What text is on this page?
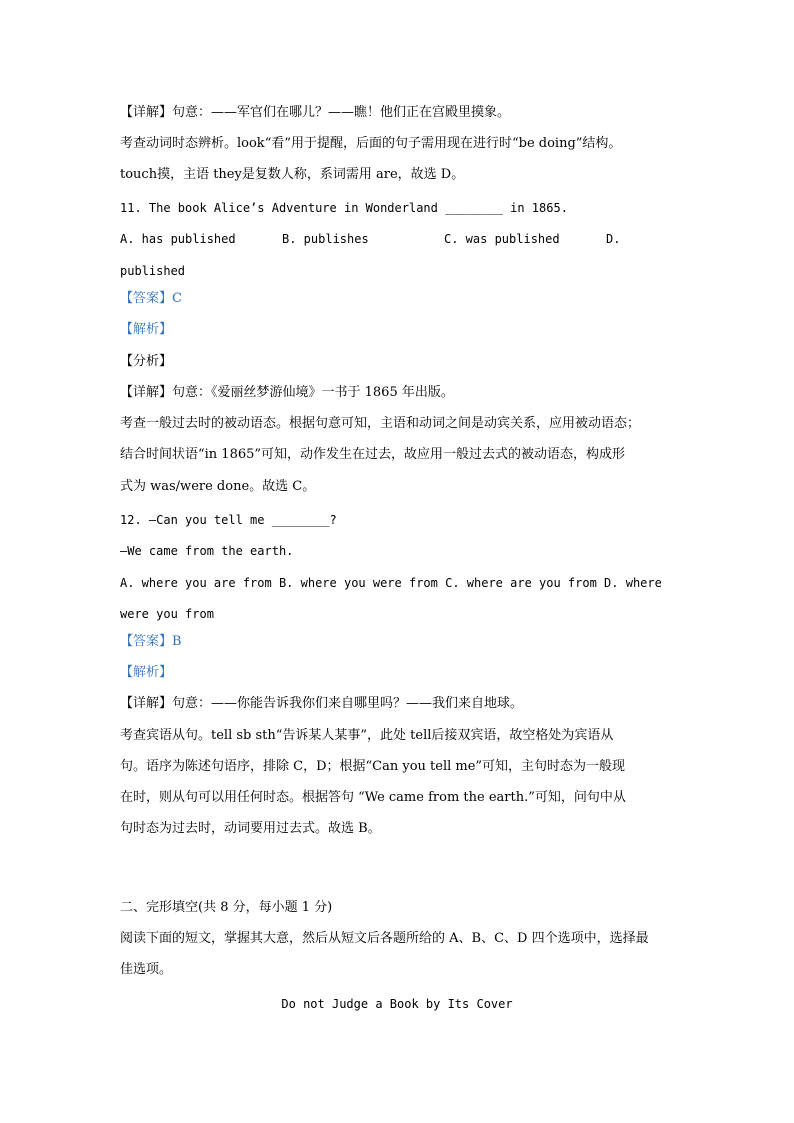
【详解】句意：——军官们在哪儿？——瞧！他们正在宫殿里摸象。
考查动词时态辨析。look“看”用于提醒，后面的句子需用现在进行时“be doing”结构。
touch摸，主语 they是复数人称，系词需用 are，故选 D。
11. The book Alice’s Adventure in Wonderland ________ in 1865.
A. has published	B. publishes	C. was published	D.
published
【答案】C
【解析】
【分析】
【详解】句意：《爱丽丝梦游仙境》一书于 1865 年出版。
考查一般过去时的被动语态。根据句意可知，主语和动词之间是动宾关系，应用被动语态；
结合时间状语“in 1865”可知，动作发生在过去，故应用一般过去式的被动语态，构成形
式为 was/were done。故选 C。
12. —Can you tell me ________?
—We came from the earth.
A. where you are from B. where you were from C. where are you from D. where
were you from
【答案】B
【解析】
【详解】句意：——你能告诉我你们来自哪里吗？——我们来自地球。
考查宾语从句。tell sb sth“告诉某人某事”，此处 tell后接双宾语，故空格处为宾语从
句。语序为陈述句语序，排除 C，D；根据“Can you tell me”可知，主句时态为一般现
在时，则从句可以用任何时态。根据答句 “We came from the earth.”可知，问句中从
句时态为过去时，动词要用过去式。故选 B。
二、完形填空(共 8 分，每小题 1 分)
阅读下面的短文，掌握其大意，然后从短文后各题所给的 A、B、C、D 四个选项中，选择最
佳选项。
Do not Judge a Book by Its Cover
